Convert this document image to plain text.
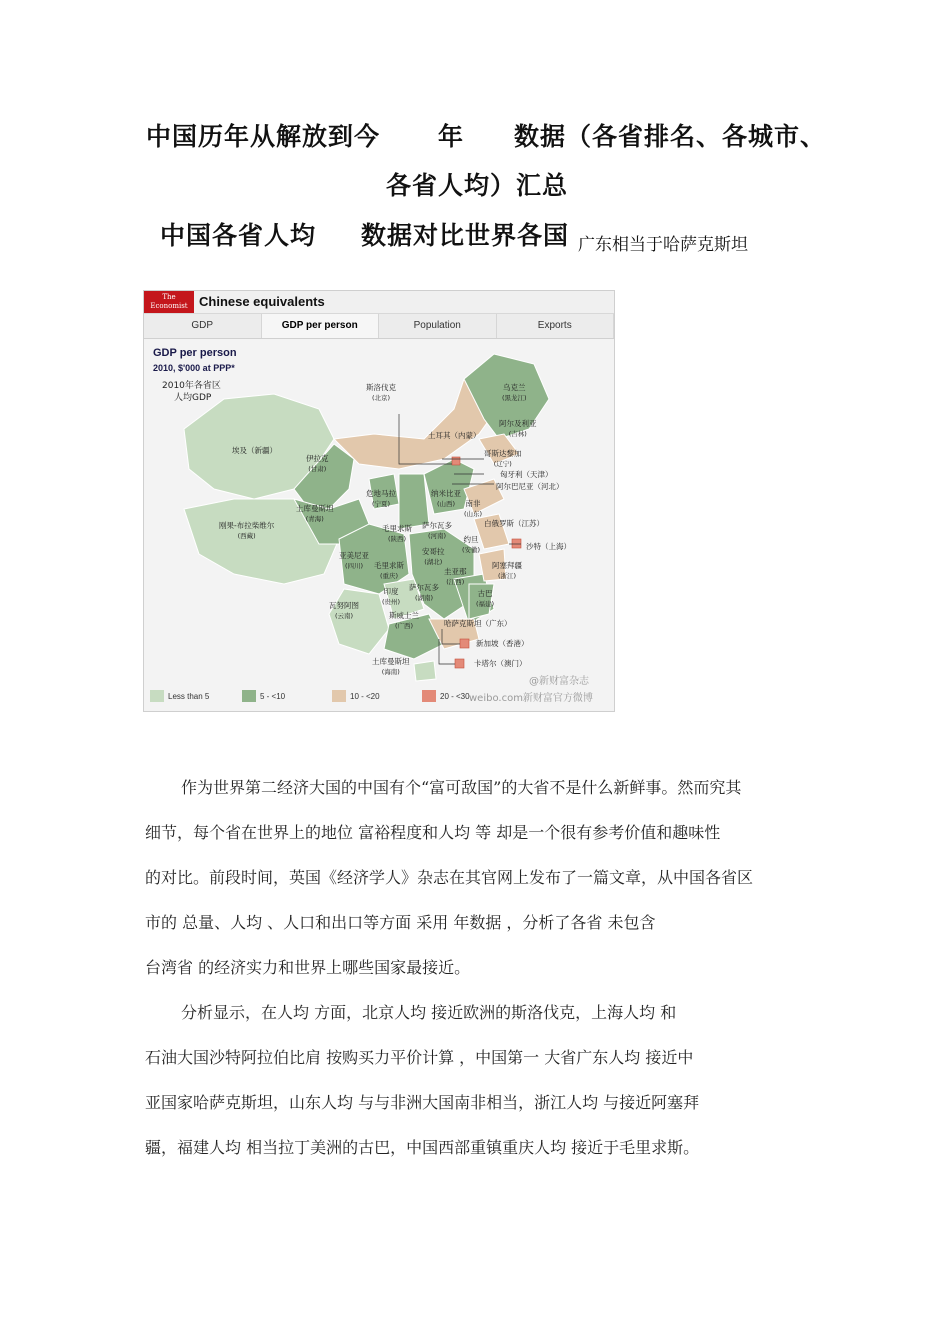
中国历年从解放到今 年 数据（各省排名、各城市、
各省人均）汇总
中国各省人均 数据对比世界各国 广东相当于哈萨克斯坦
The
Economist Chinese equivalents
GDP	GDP per person	Population	Exports
GDP per person
2010, $'000 at PPP*
2010年各省区
人均GDP
斯洛伐克
(北京)
乌克兰
(黑龙江)
阿尔及利亚
(吉林)
土耳其（内蒙）
哥斯达黎加
(辽宁)
匈牙利（天津）
阿尔巴尼亚（河北）
埃及（新疆）
伊拉克
(甘肃)
纳米比亚
(山西)
危地马拉
(宁夏)
土库曼斯坦
(青海)
南非
(山东)
白俄罗斯（江苏）
萨尔瓦多
(河南)
毛里求斯
(陕西)
刚果-布拉柴维尔
(西藏)	约旦
(安徽)	沙特（上海）
安哥拉
(湖北)
亚美尼亚
(四川)	毛里求斯
(重庆)
阿塞拜疆
(浙江)
圭亚那
(江西)
印度
(贵州)
萨尔瓦多
(湖南)	古巴
(福建)
瓦努阿图
(云南)	斯威士兰
(广西)	哈萨克斯坦（广东）
新加坡（香港）
卡塔尔（澳门）
土库曼斯坦
(海南)
Less than 5	5 - <10	10 - <20	20 - <30
@新财富杂志
weibo.com新财富官方微博
作为世界第二经济大国的中国有个“富可敌国”的大省不是什么新鲜事。然而究其
细节，每个省在世界上的地位 富裕程度和人均 等 却是一个很有参考价值和趣味性
的对比。前段时间，英国《经济学人》杂志在其官网上发布了一篇文章，从中国各省区
市的 总量、人均 、人口和出口等方面 采用 年数据 ，分析了各省 未包含
台湾省 的经济实力和世界上哪些国家最接近。
分析显示，在人均 方面，北京人均 接近欧洲的斯洛伐克，上海人均 和
石油大国沙特阿拉伯比肩 按购买力平价计算 ，中国第一 大省广东人均 接近中
亚国家哈萨克斯坦，山东人均 与与非洲大国南非相当，浙江人均 与接近阿塞拜
疆，福建人均 相当拉丁美洲的古巴，中国西部重镇重庆人均 接近于毛里求斯。
